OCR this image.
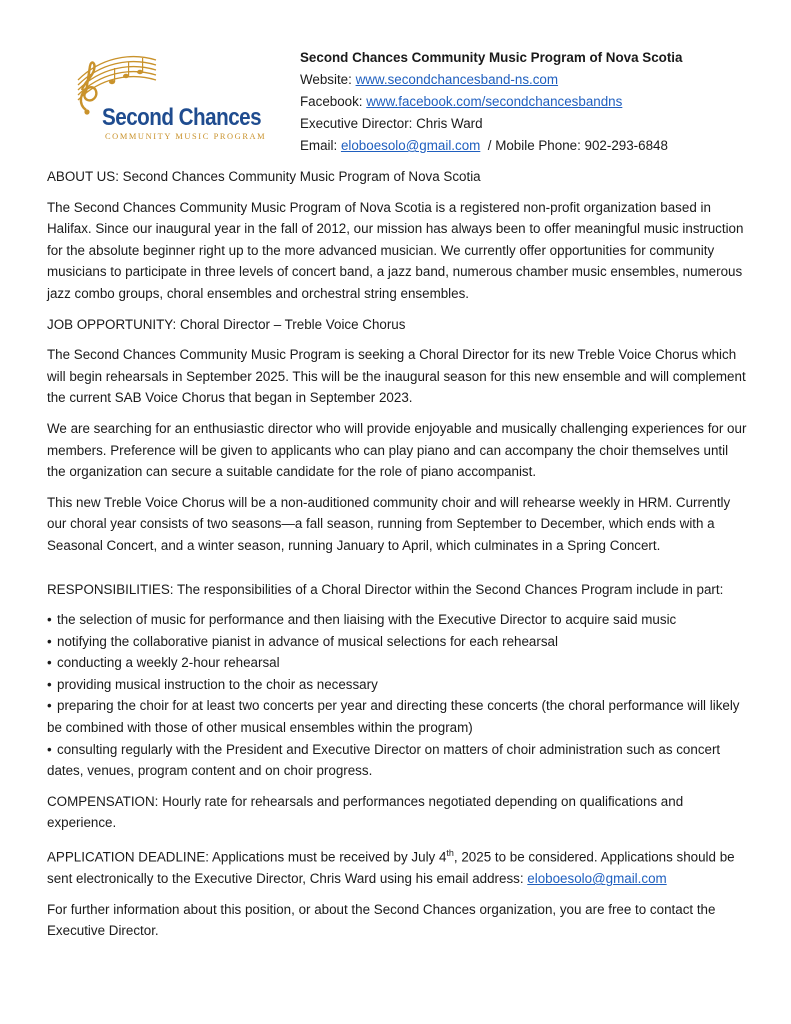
Second Chances
COMMUNITY MUSIC PROGRAM
Second Chances Community Music Program of Nova Scotia
Website: www.secondchancesband-ns.com
Facebook: www.facebook.com/secondchancesbandns
Executive Director: Chris Ward
Email: eloboesolo@gmail.com  / Mobile Phone: 902-293-6848

ABOUT US: Second Chances Community Music Program of Nova Scotia

The Second Chances Community Music Program of Nova Scotia is a registered non-profit organization based in Halifax. Since our inaugural year in the fall of 2012, our mission has always been to offer meaningful music instruction for the absolute beginner right up to the more advanced musician. We currently offer opportunities for community musicians to participate in three levels of concert band, a jazz band, numerous chamber music ensembles, numerous jazz combo groups, choral ensembles and orchestral string ensembles.

JOB OPPORTUNITY: Choral Director – Treble Voice Chorus

The Second Chances Community Music Program is seeking a Choral Director for its new Treble Voice Chorus which will begin rehearsals in September 2025. This will be the inaugural season for this new ensemble and will complement the current SAB Voice Chorus that began in September 2023.

We are searching for an enthusiastic director who will provide enjoyable and musically challenging experiences for our members. Preference will be given to applicants who can play piano and can accompany the choir themselves until the organization can secure a suitable candidate for the role of piano accompanist.

This new Treble Voice Chorus will be a non-auditioned community choir and will rehearse weekly in HRM. Currently our choral year consists of two seasons—a fall season, running from September to December, which ends with a Seasonal Concert, and a winter season, running January to April, which culminates in a Spring Concert.

RESPONSIBILITIES: The responsibilities of a Choral Director within the Second Chances Program include in part:

• the selection of music for performance and then liaising with the Executive Director to acquire said music
• notifying the collaborative pianist in advance of musical selections for each rehearsal
• conducting a weekly 2-hour rehearsal
• providing musical instruction to the choir as necessary
• preparing the choir for at least two concerts per year and directing these concerts (the choral performance will likely be combined with those of other musical ensembles within the program)
• consulting regularly with the President and Executive Director on matters of choir administration such as concert dates, venues, program content and on choir progress.

COMPENSATION: Hourly rate for rehearsals and performances negotiated depending on qualifications and experience.

APPLICATION DEADLINE: Applications must be received by July 4th, 2025 to be considered. Applications should be sent electronically to the Executive Director, Chris Ward using his email address: eloboesolo@gmail.com

For further information about this position, or about the Second Chances organization, you are free to contact the Executive Director.
